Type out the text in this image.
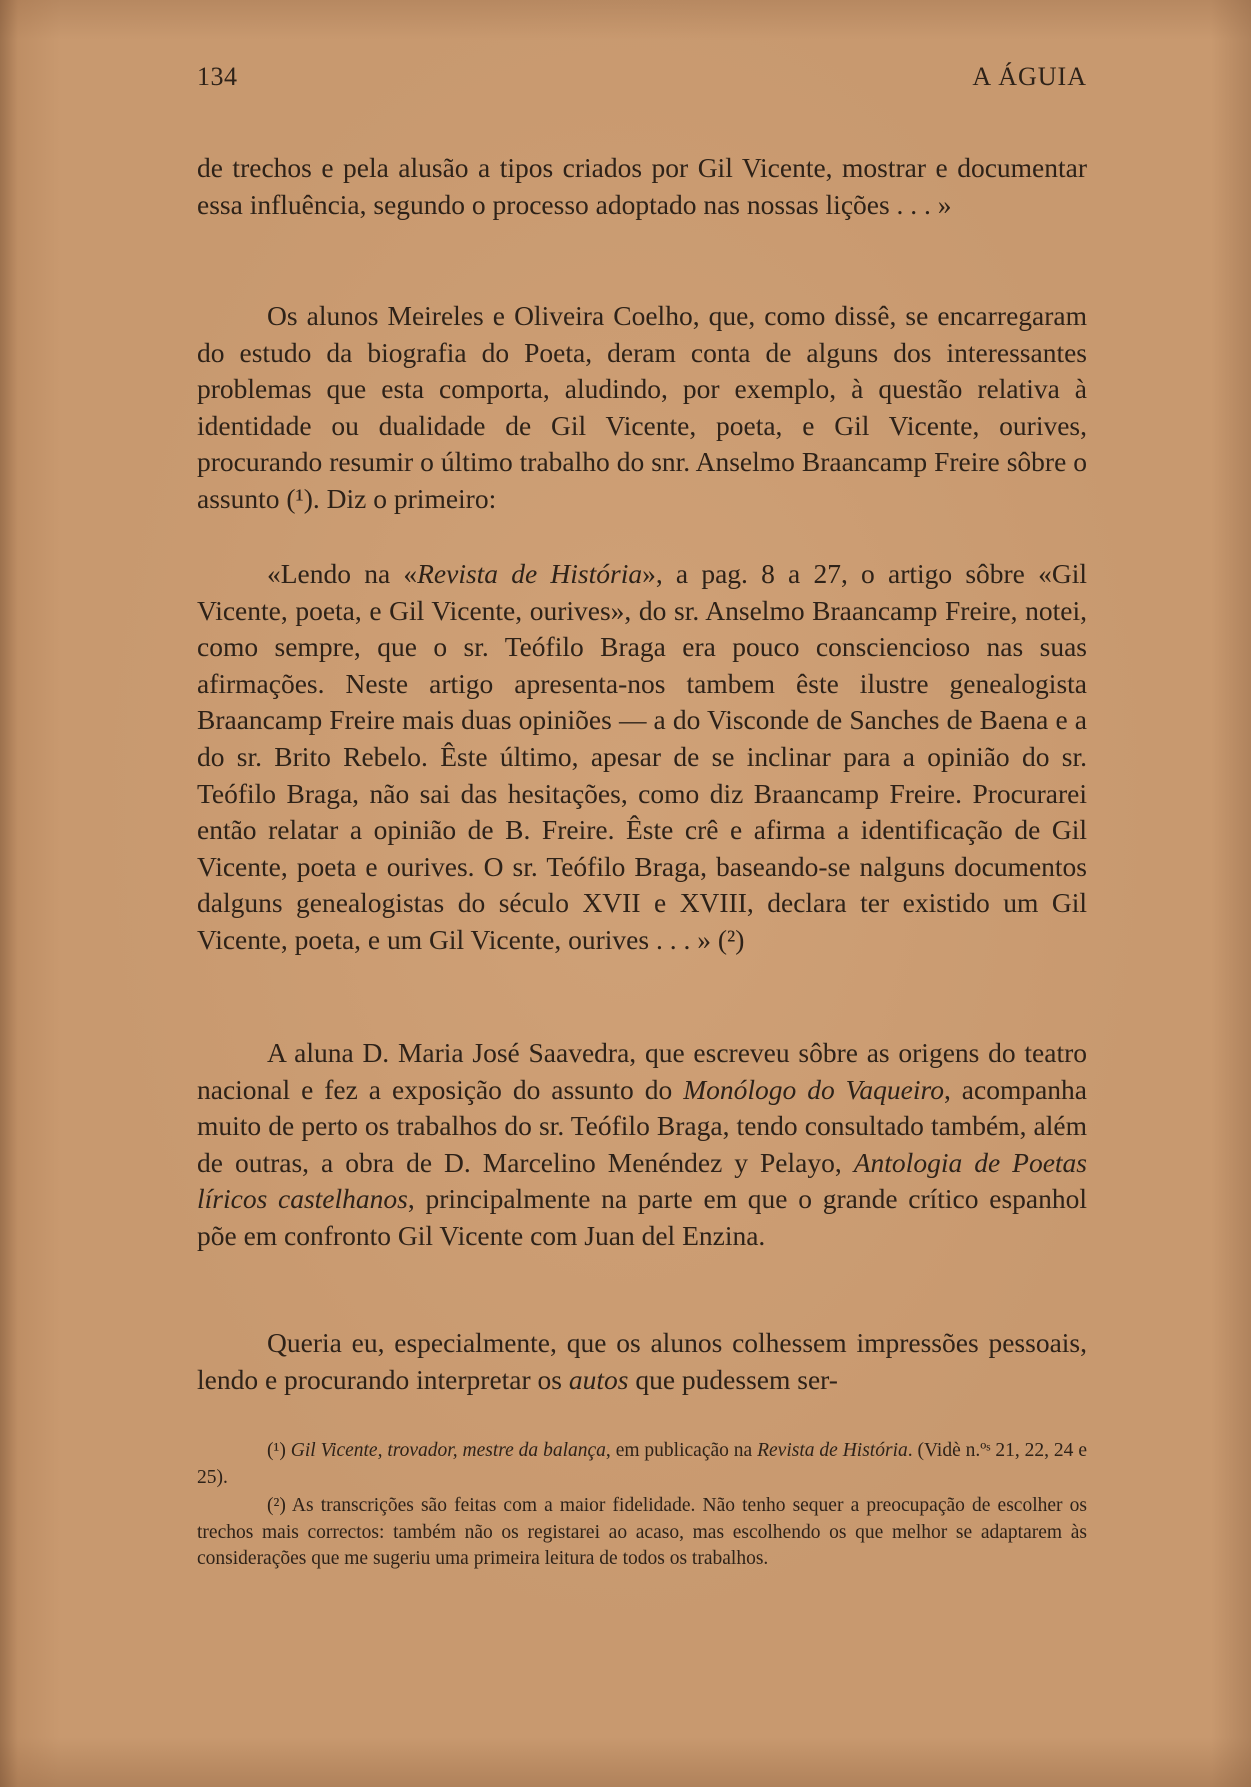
134	A ÁGUIA

de trechos e pela alusão a tipos criados por Gil Vicente, mostrar e documentar essa influência, segundo o processo adoptado nas nossas lições . . . »

Os alunos Meireles e Oliveira Coelho, que, como dissê, se encarregaram do estudo da biografia do Poeta, deram conta de alguns dos interessantes problemas que esta comporta, aludindo, por exemplo, à questão relativa à identidade ou dualidade de Gil Vicente, poeta, e Gil Vicente, ourives, procurando resumir o último trabalho do snr. Anselmo Braancamp Freire sôbre o assunto (¹). Diz o primeiro:

«Lendo na «Revista de História», a pag. 8 a 27, o artigo sôbre «Gil Vicente, poeta, e Gil Vicente, ourives», do sr. Anselmo Braancamp Freire, notei, como sempre, que o sr. Teófilo Braga era pouco consciencioso nas suas afirmações. Neste artigo apresenta-nos tambem êste ilustre genealogista Braancamp Freire mais duas opiniões — a do Visconde de Sanches de Baena e a do sr. Brito Rebelo. Êste último, apesar de se inclinar para a opinião do sr. Teófilo Braga, não sai das hesitações, como diz Braancamp Freire. Procurarei então relatar a opinião de B. Freire. Êste crê e afirma a identificação de Gil Vicente, poeta e ourives. O sr. Teófilo Braga, baseando-se nalguns documentos dalguns genealogistas do século XVII e XVIII, declara ter existido um Gil Vicente, poeta, e um Gil Vicente, ourives . . . » (²)

A aluna D. Maria José Saavedra, que escreveu sôbre as origens do teatro nacional e fez a exposição do assunto do Monólogo do Vaqueiro, acompanha muito de perto os trabalhos do sr. Teófilo Braga, tendo consultado também, além de outras, a obra de D. Marcelino Menéndez y Pelayo, Antologia de Poetas líricos castelhanos, principalmente na parte em que o grande crítico espanhol põe em confronto Gil Vicente com Juan del Enzina.

Queria eu, especialmente, que os alunos colhessem impressões pessoais, lendo e procurando interpretar os autos que pudessem ser-

(¹) Gil Vicente, trovador, mestre da balança, em publicação na Revista de História. (Vidè n.ºˢ 21, 22, 24 e 25).

(²) As transcrições são feitas com a maior fidelidade. Não tenho sequer a preocupação de escolher os trechos mais correctos: também não os registarei ao acaso, mas escolhendo os que melhor se adaptarem às considerações que me sugeriu uma primeira leitura de todos os trabalhos.
